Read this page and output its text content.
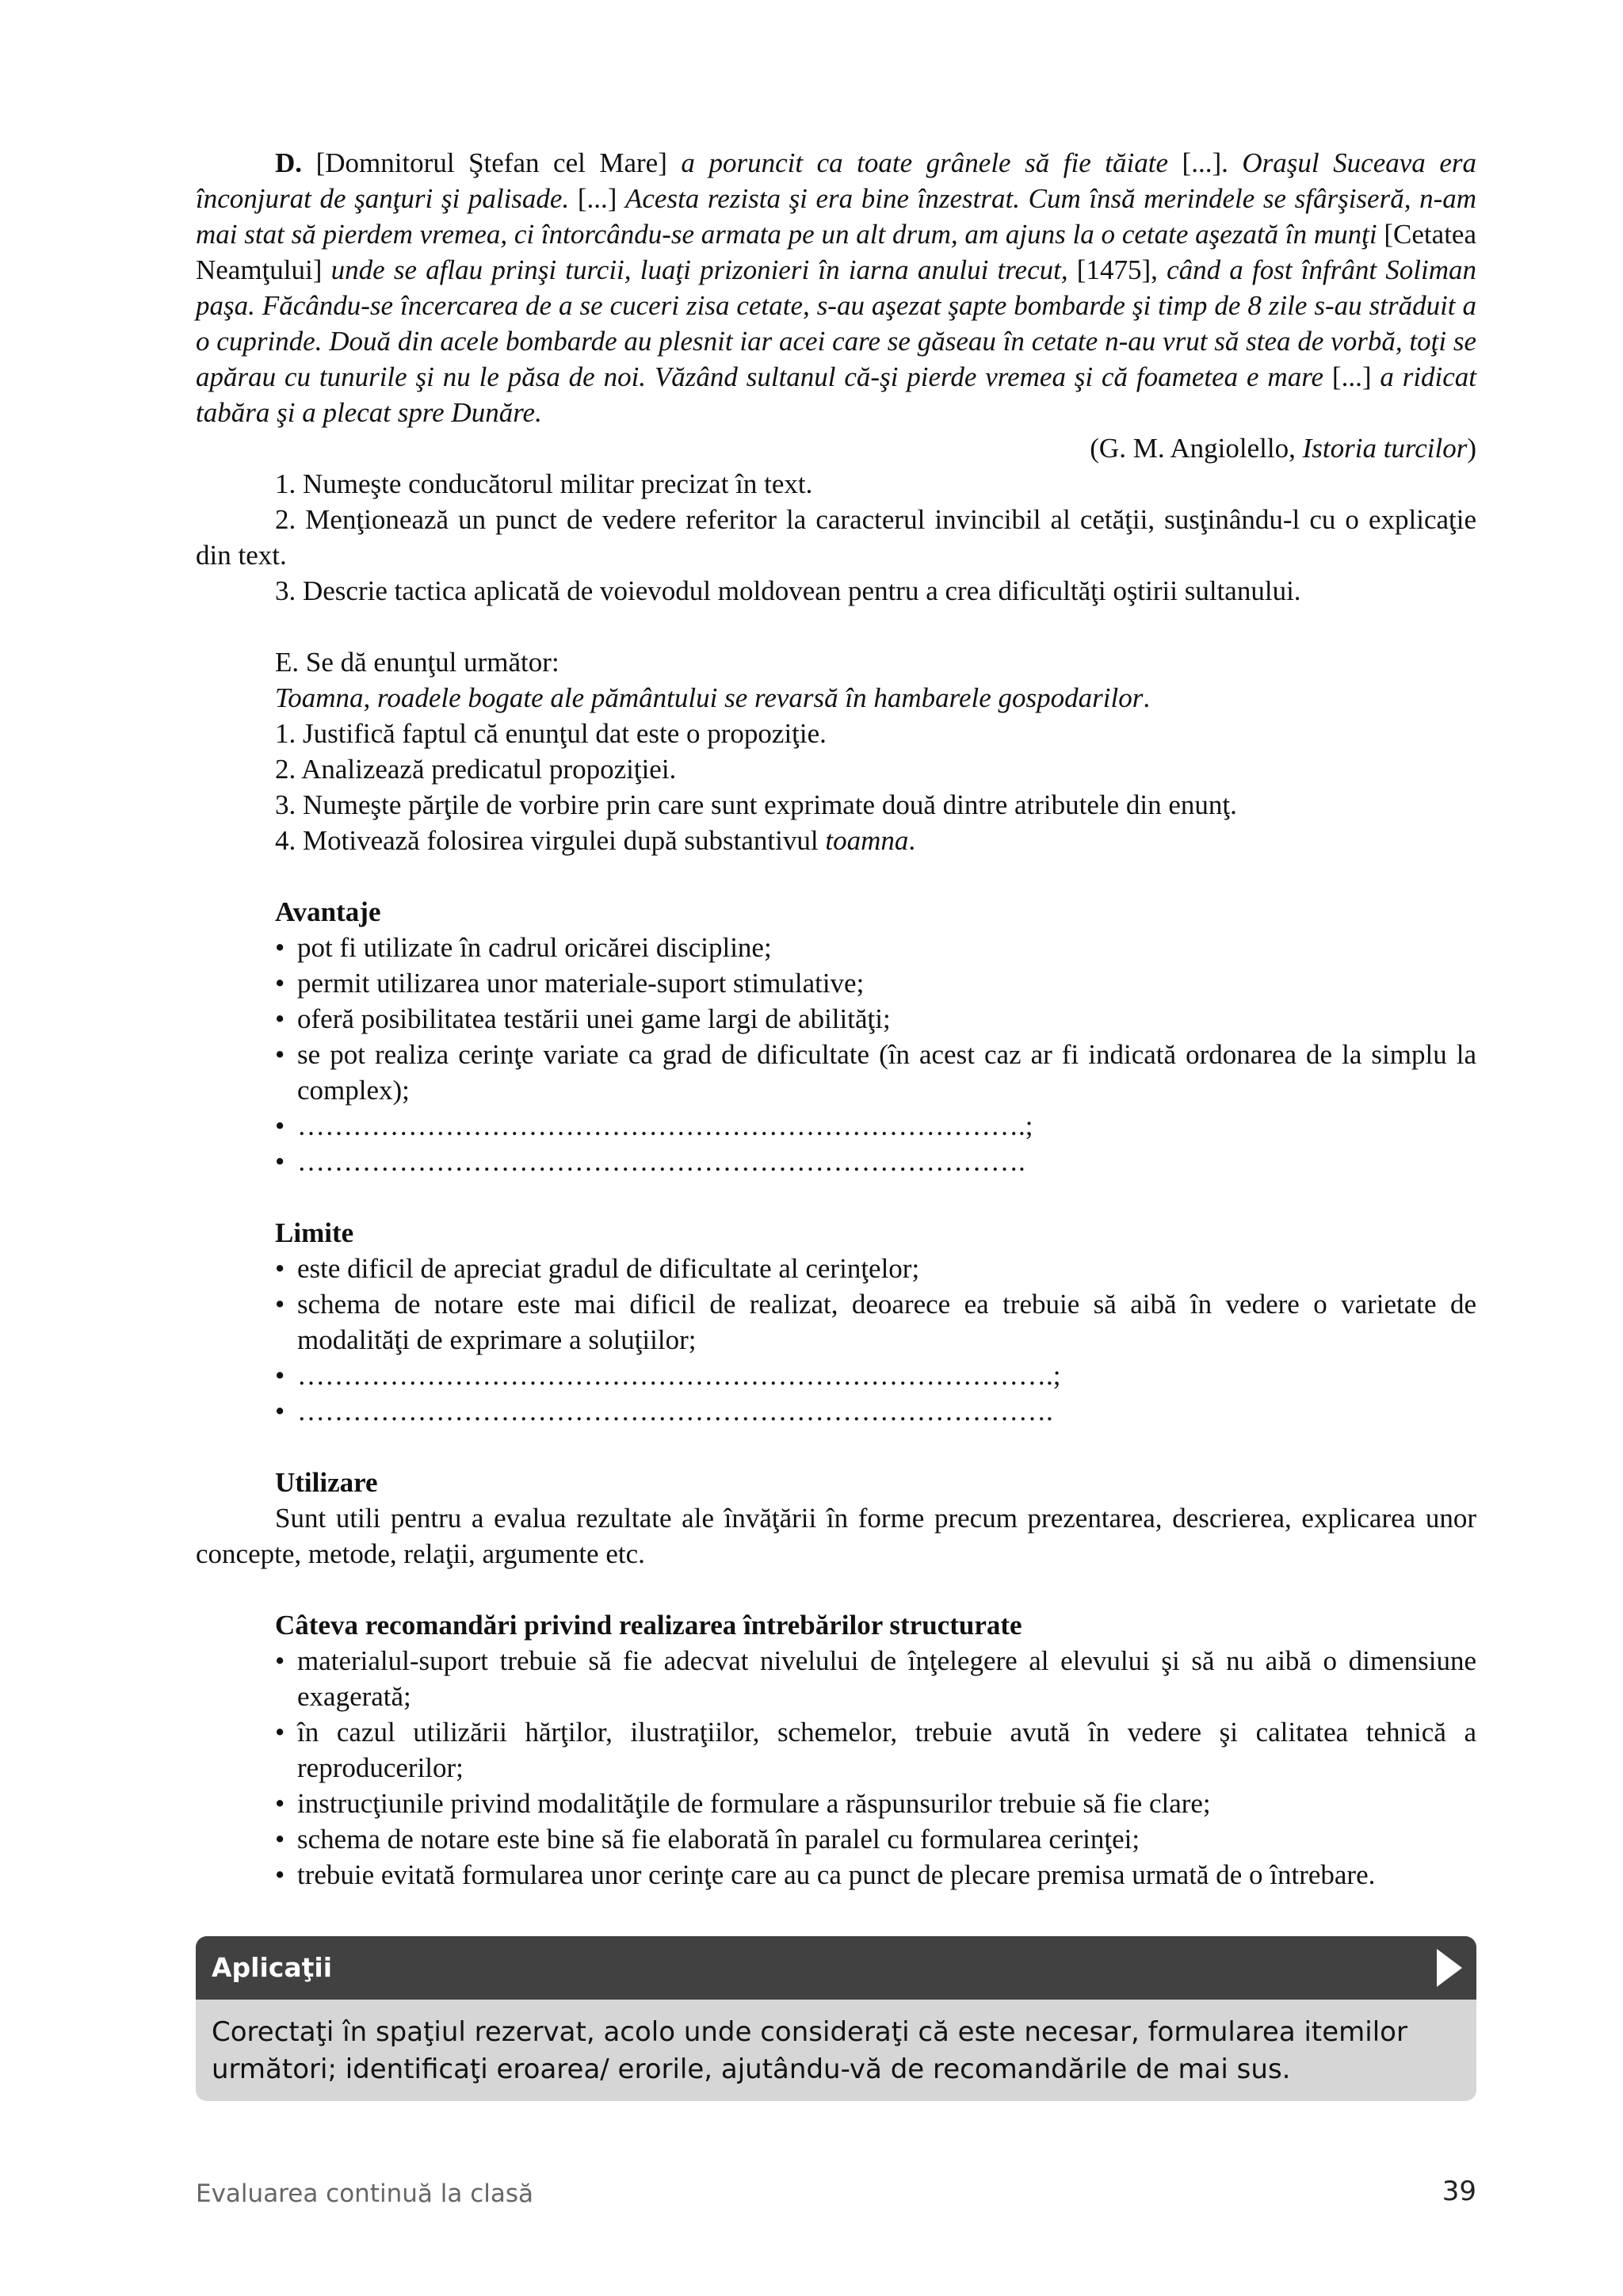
D. [Domnitorul Ştefan cel Mare] a poruncit ca toate grânele să fie tăiate [...]. Oraşul Suceava era înconjurat de şanţuri şi palisade. [...] Acesta rezista şi era bine înzestrat. Cum însă merindele se sfârşiseră, n-am mai stat să pierdem vremea, ci întorcându-se armata pe un alt drum, am ajuns la o cetate aşezată în munţi [Cetatea Neamţului] unde se aflau prinşi turcii, luaţi prizonieri în iarna anului trecut, [1475], când a fost înfrânt Soliman paşa. Făcându-se încercarea de a se cuceri zisa cetate, s-au aşezat şapte bombarde şi timp de 8 zile s-au străduit a o cuprinde. Două din acele bombarde au plesnit iar acei care se găseau în cetate n-au vrut să stea de vorbă, toţi se apărau cu tunurile şi nu le păsa de noi. Văzând sultanul că-şi pierde vremea şi că foametea e mare [...] a ridicat tabăra şi a plecat spre Dunăre.

(G. M. Angiolello, Istoria turcilor)

1. Numeşte conducătorul militar precizat în text.

2. Menţionează un punct de vedere referitor la caracterul invincibil al cetăţii, susţinându-l cu o explicaţie din text.

3. Descrie tactica aplicată de voievodul moldovean pentru a crea dificultăţi oştirii sultanului.

E. Se dă enunţul următor:

Toamna, roadele bogate ale pământului se revarsă în hambarele gospodarilor.

1. Justifică faptul că enunţul dat este o propoziţie.

2. Analizează predicatul propoziţiei.

3. Numeşte părţile de vorbire prin care sunt exprimate două dintre atributele din enunţ.

4. Motivează folosirea virgulei după substantivul toamna.

Avantaje

• pot fi utilizate în cadrul oricărei discipline;
• permit utilizarea unor materiale-suport stimulative;
• oferă posibilitatea testării unei game largi de abilităţi;
• se pot realiza cerinţe variate ca grad de dificultate (în acest caz ar fi indicată ordonarea de la simplu la complex);
• …………………………………………………………………….;
• …………………………………………………………………….

Limite

• este dificil de apreciat gradul de dificultate al cerinţelor;
• schema de notare este mai dificil de realizat, deoarece ea trebuie să aibă în vedere o varietate de modalităţi de exprimare a soluţiilor;
• ……………………………………………………………………….;
• ……………………………………………………………………….

Utilizare

Sunt utili pentru a evalua rezultate ale învăţării în forme precum prezentarea, descrierea, explicarea unor concepte, metode, relaţii, argumente etc.

Câteva recomandări privind realizarea întrebărilor structurate

• materialul-suport trebuie să fie adecvat nivelului de înţelegere al elevului şi să nu aibă o dimensiune exagerată;
• în cazul utilizării hărţilor, ilustraţiilor, schemelor, trebuie avută în vedere şi calitatea tehnică a reproducerilor;
• instrucţiunile privind modalităţile de formulare a răspunsurilor trebuie să fie clare;
• schema de notare este bine să fie elaborată în paralel cu formularea cerinţei;
• trebuie evitată formularea unor cerinţe care au ca punct de plecare premisa urmată de o întrebare.
Aplicaţii
Corectaţi în spaţiul rezervat, acolo unde consideraţi că este necesar, formularea itemilor următori; identificaţi eroarea/ erorile, ajutându-vă de recomandările de mai sus.
Evaluarea continuă la clasă	39
